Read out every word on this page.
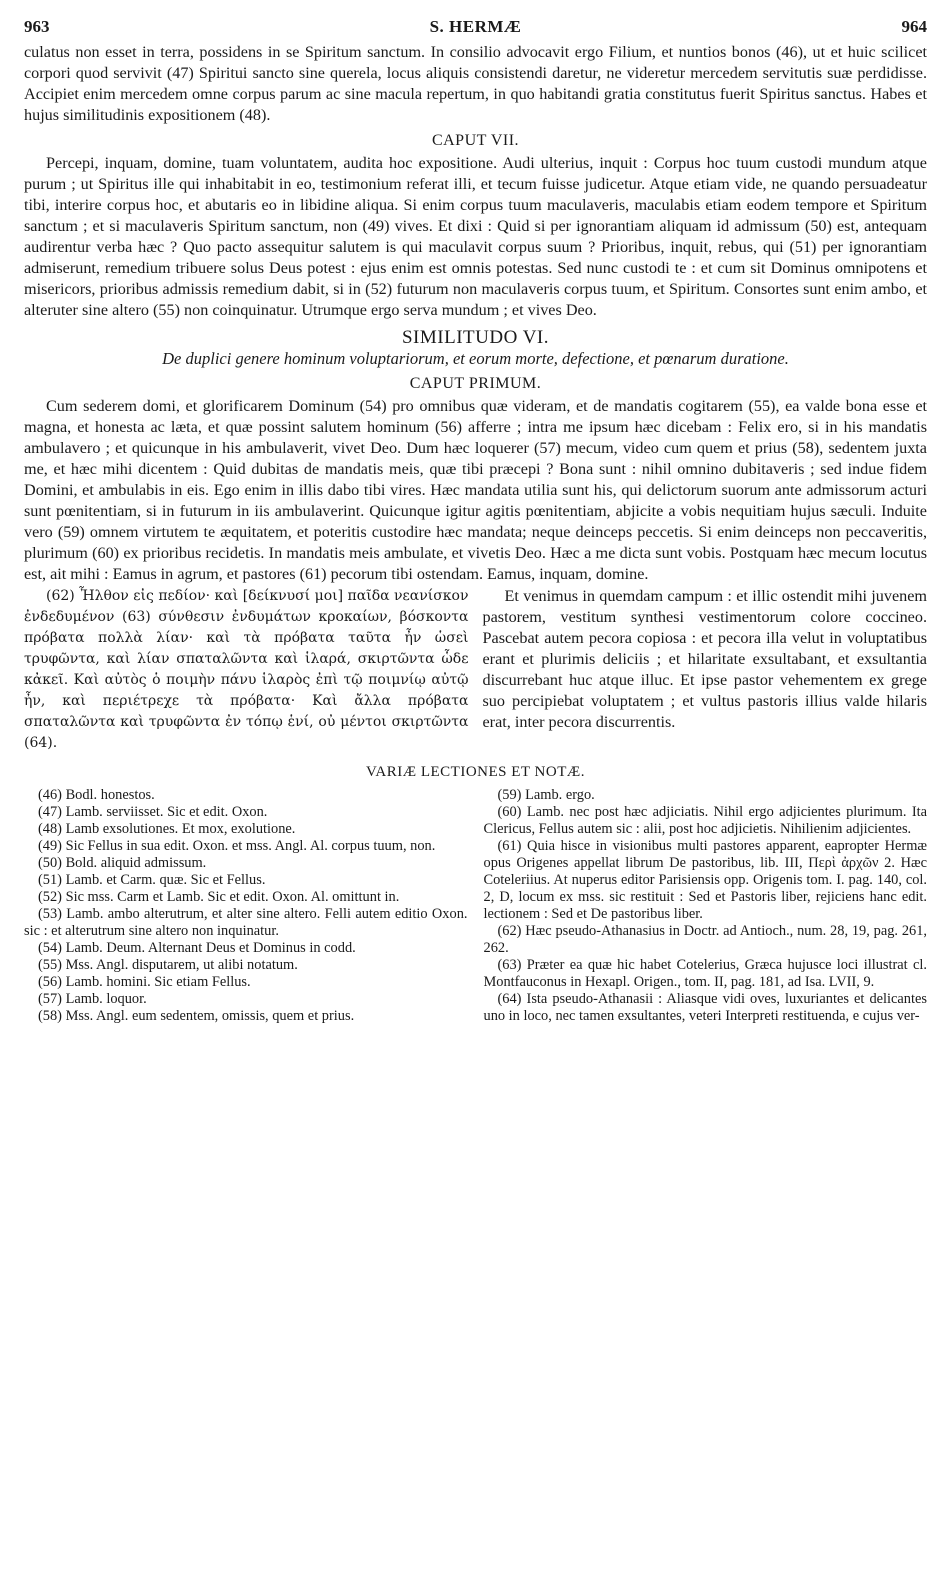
963	S. HERMÆ	964

culatus non esset in terra, possidens in se Spiritum sanctum. In consilio advocavit ergo Filium, et nuntios bonos (46), ut et huic scilicet corpori quod servivit (47) Spiritui sancto sine querela, locus aliquis consistendi daretur, ne videretur mercedem servitutis suæ perdidisse. Accipiet enim mercedem omne corpus parum ac sine macula repertum, in quo habitandi gratia constitutus fuerit Spiritus sanctus. Habes et hujus similitudinis expositionem (48).

CAPUT VII.

Percepi, inquam, domine, tuam voluntatem, audita hoc expositione. Audi ulterius, inquit : Corpus hoc tuum custodi mundum atque purum ; ut Spiritus ille qui inhabitabit in eo, testimonium referat illi, et tecum fuisse judicetur. Atque etiam vide, ne quando persuadeatur tibi, interire corpus hoc, et abutaris eo in libidine aliqua. Si enim corpus tuum maculaveris, maculabis etiam eodem tempore et Spiritum sanctum ; et si maculaveris Spiritum sanctum, non (49) vives. Et dixi : Quid si per ignorantiam aliquam id admissum (50) est, antequam audirentur verba hæc ? Quo pacto assequitur salutem is qui maculavit corpus suum ? Prioribus, inquit, rebus, qui (51) per ignorantiam admiserunt, remedium tribuere solus Deus potest : ejus enim est omnis potestas. Sed nunc custodi te : et cum sit Dominus omnipotens et misericors, prioribus admissis remedium dabit, si in (52) futurum non maculaveris corpus tuum, et Spiritum. Consortes sunt enim ambo, et alteruter sine altero (55) non coinquinatur. Utrumque ergo serva mundum ; et vives Deo.

SIMILITUDO VI.
De duplici genere hominum voluptariorum, et eorum morte, defectione, et pœnarum duratione.
CAPUT PRIMUM.

Cum sederem domi, et glorificarem Dominum (54) pro omnibus quæ videram, et de mandatis cogitarem (55), ea valde bona esse et magna, et honesta ac læta, et quæ possint salutem hominum (56) afferre ; intra me ipsum hæc dicebam : Felix ero, si in his mandatis ambulavero ; et quicunque in his ambulaverit, vivet Deo. Dum hæc loquerer (57) mecum, video cum quem et prius (58), sedentem juxta me, et hæc mihi dicentem : Quid dubitas de mandatis meis, quæ tibi præcepi ? Bona sunt : nihil omnino dubitaveris ; sed indue fidem Domini, et ambulabis in eis. Ego enim in illis dabo tibi vires. Hæc mandata utilia sunt his, qui delictorum suorum ante admissorum acturi sunt pœnitentiam, si in futurum in iis ambulaverint. Quicunque igitur agitis pœnitentiam, abjicite a vobis nequitiam hujus sæculi. Induite vero (59) omnem virtutem te æquitatem, et poteritis custodire hæc mandata; neque deinceps peccetis. Si enim deinceps non peccaveritis, plurimum (60) ex prioribus recidetis. In mandatis meis ambulate, et vivetis Deo. Hæc a me dicta sunt vobis. Postquam hæc mecum locutus est, ait mihi : Eamus in agrum, et pastores (61) pecorum tibi ostendam. Eamus, inquam, domine.

(62) Ἦλθον εἰς πεδίον· καὶ [δείκνυσί μοι] παῖδα νεανίσκον ἐνδεδυμένον (63) σύνθεσιν ἐνδυμάτων κροκαίων, βόσκοντα πρόβατα πολλὰ λίαν· καὶ τὰ πρόβατα ταῦτα ἦν ὡσεὶ τρυφῶντα, καὶ λίαν σπαταλῶντα καὶ ἱλαρά, σκιρτῶντα ὧδε κἀκεῖ. Καὶ αὐτὸς ὁ ποιμὴν πάνυ ἱλαρὸς ἐπὶ τῷ ποιμνίῳ αὐτῷ ἦν, καὶ περιέτρεχε τὰ πρόβατα· Καὶ ἄλλα πρόβατα σπαταλῶντα καὶ τρυφῶντα ἐν τόπῳ ἑνί, οὐ μέντοι σκιρτῶντα (64).

Et venimus in quemdam campum : et illic ostendit mihi juvenem pastorem, vestitum synthesi vestimentorum colore coccineo. Pascebat autem pecora copiosa : et pecora illa velut in voluptatibus erant et plurimis deliciis ; et hilaritate exsultabant, et exsultantia discurrebant huc atque illuc. Et ipse pastor vehementem ex grege suo percipiebat voluptatem ; et vultus pastoris illius valde hilaris erat, inter pecora discurrentis.

VARIÆ LECTIONES ET NOTÆ.

(46) Bodl. honestos.

(47) Lamb. serviisset. Sic et edit. Oxon.

(48) Lamb exsolutiones. Et mox, exolutione.

(49) Sic Fellus in sua edit. Oxon. et mss. Angl. Al. corpus tuum, non.

(50) Bold. aliquid admissum.

(51) Lamb. et Carm. quæ. Sic et Fellus.

(52) Sic mss. Carm et Lamb. Sic et edit. Oxon. Al. omittunt in.

(53) Lamb. ambo alterutrum, et alter sine altero. Felli autem editio Oxon. sic : et alterutrum sine altero non inquinatur.

(54) Lamb. Deum. Alternant Deus et Dominus in codd.

(55) Mss. Angl. disputarem, ut alibi notatum.

(56) Lamb. homini. Sic etiam Fellus.

(57) Lamb. loquor.

(58) Mss. Angl. eum sedentem, omissis, quem et prius.

(59) Lamb. ergo.

(60) Lamb. nec post hæc adjiciatis. Nihil ergo adjicientes plurimum. Ita Clericus, Fellus autem sic : alii, post hoc adjicietis. Nihilienim adjicientes.

(61) Quia hisce in visionibus multi pastores apparent, eapropter Hermæ opus Origenes appellat librum De pastoribus, lib. III, Περὶ ἀρχῶν 2. Hæc Coteleriius. At nuperus editor Parisiensis opp. Origenis tom. I. pag. 140, col. 2, D, locum ex mss. sic restituit : Sed et Pastoris liber, rejiciens hanc edit. lectionem : Sed et De pastoribus liber.

(62) Hæc pseudo-Athanasius in Doctr. ad Antioch., num. 28, 19, pag. 261, 262.

(63) Præter ea quæ hic habet Cotelerius, Græca hujusce loci illustrat cl. Montfauconus in Hexapl. Origen., tom. II, pag. 181, ad Isa. LVII, 9.

(64) Ista pseudo-Athanasii : Aliasque vidi oves, luxuriantes et delicantes uno in loco, nec tamen exsultantes, veteri Interpreti restituenda, e cujus ver-
